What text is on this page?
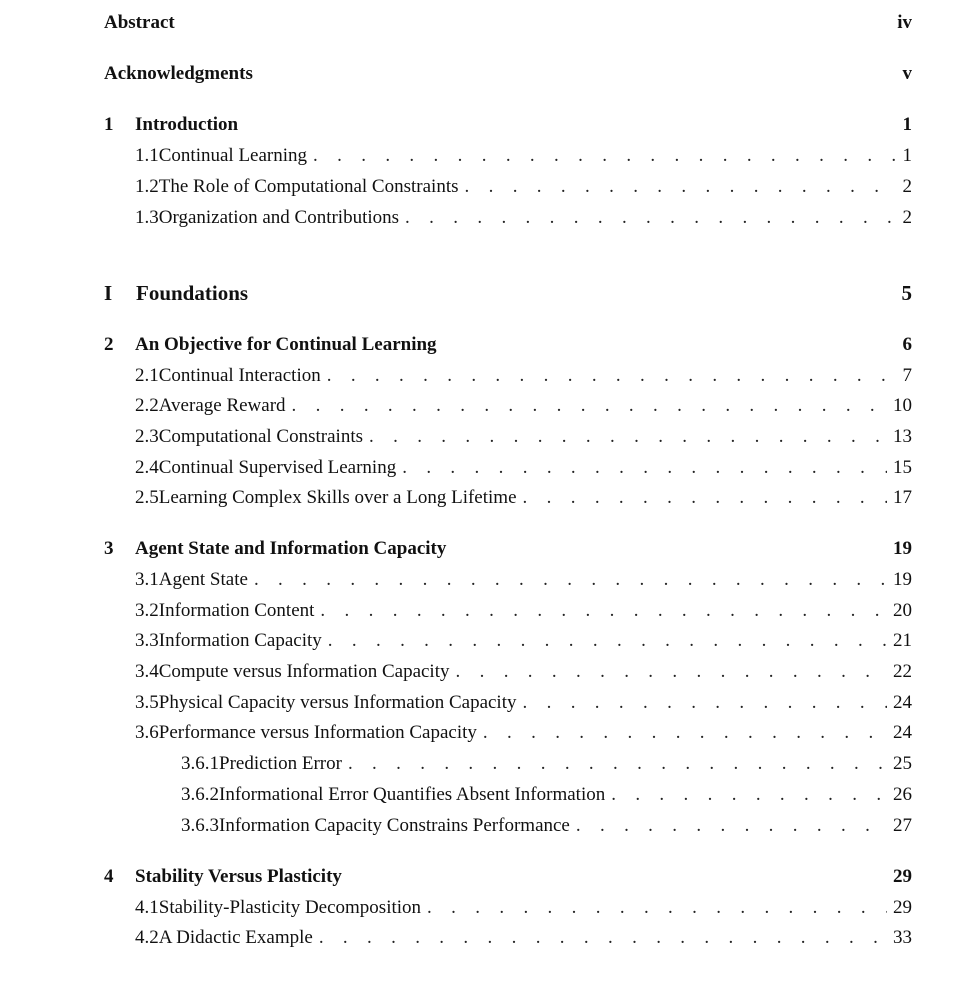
Abstract	iv
Acknowledgments	v
1	Introduction	1
1.1 Continual Learning . . .	1
1.2 The Role of Computational Constraints . . .	2
1.3 Organization and Contributions . . .	2
I	Foundations	5
2	An Objective for Continual Learning	6
2.1 Continual Interaction . . .	7
2.2 Average Reward . . .	10
2.3 Computational Constraints . . .	13
2.4 Continual Supervised Learning . . .	15
2.5 Learning Complex Skills over a Long Lifetime . . .	17
3	Agent State and Information Capacity	19
3.1 Agent State . . .	19
3.2 Information Content . . .	20
3.3 Information Capacity . . .	21
3.4 Compute versus Information Capacity . . .	22
3.5 Physical Capacity versus Information Capacity . . .	24
3.6 Performance versus Information Capacity . . .	24
3.6.1 Prediction Error . . .	25
3.6.2 Informational Error Quantifies Absent Information . . .	26
3.6.3 Information Capacity Constrains Performance . . .	27
4	Stability Versus Plasticity	29
4.1 Stability-Plasticity Decomposition . . .	29
4.2 A Didactic Example . . .	33
